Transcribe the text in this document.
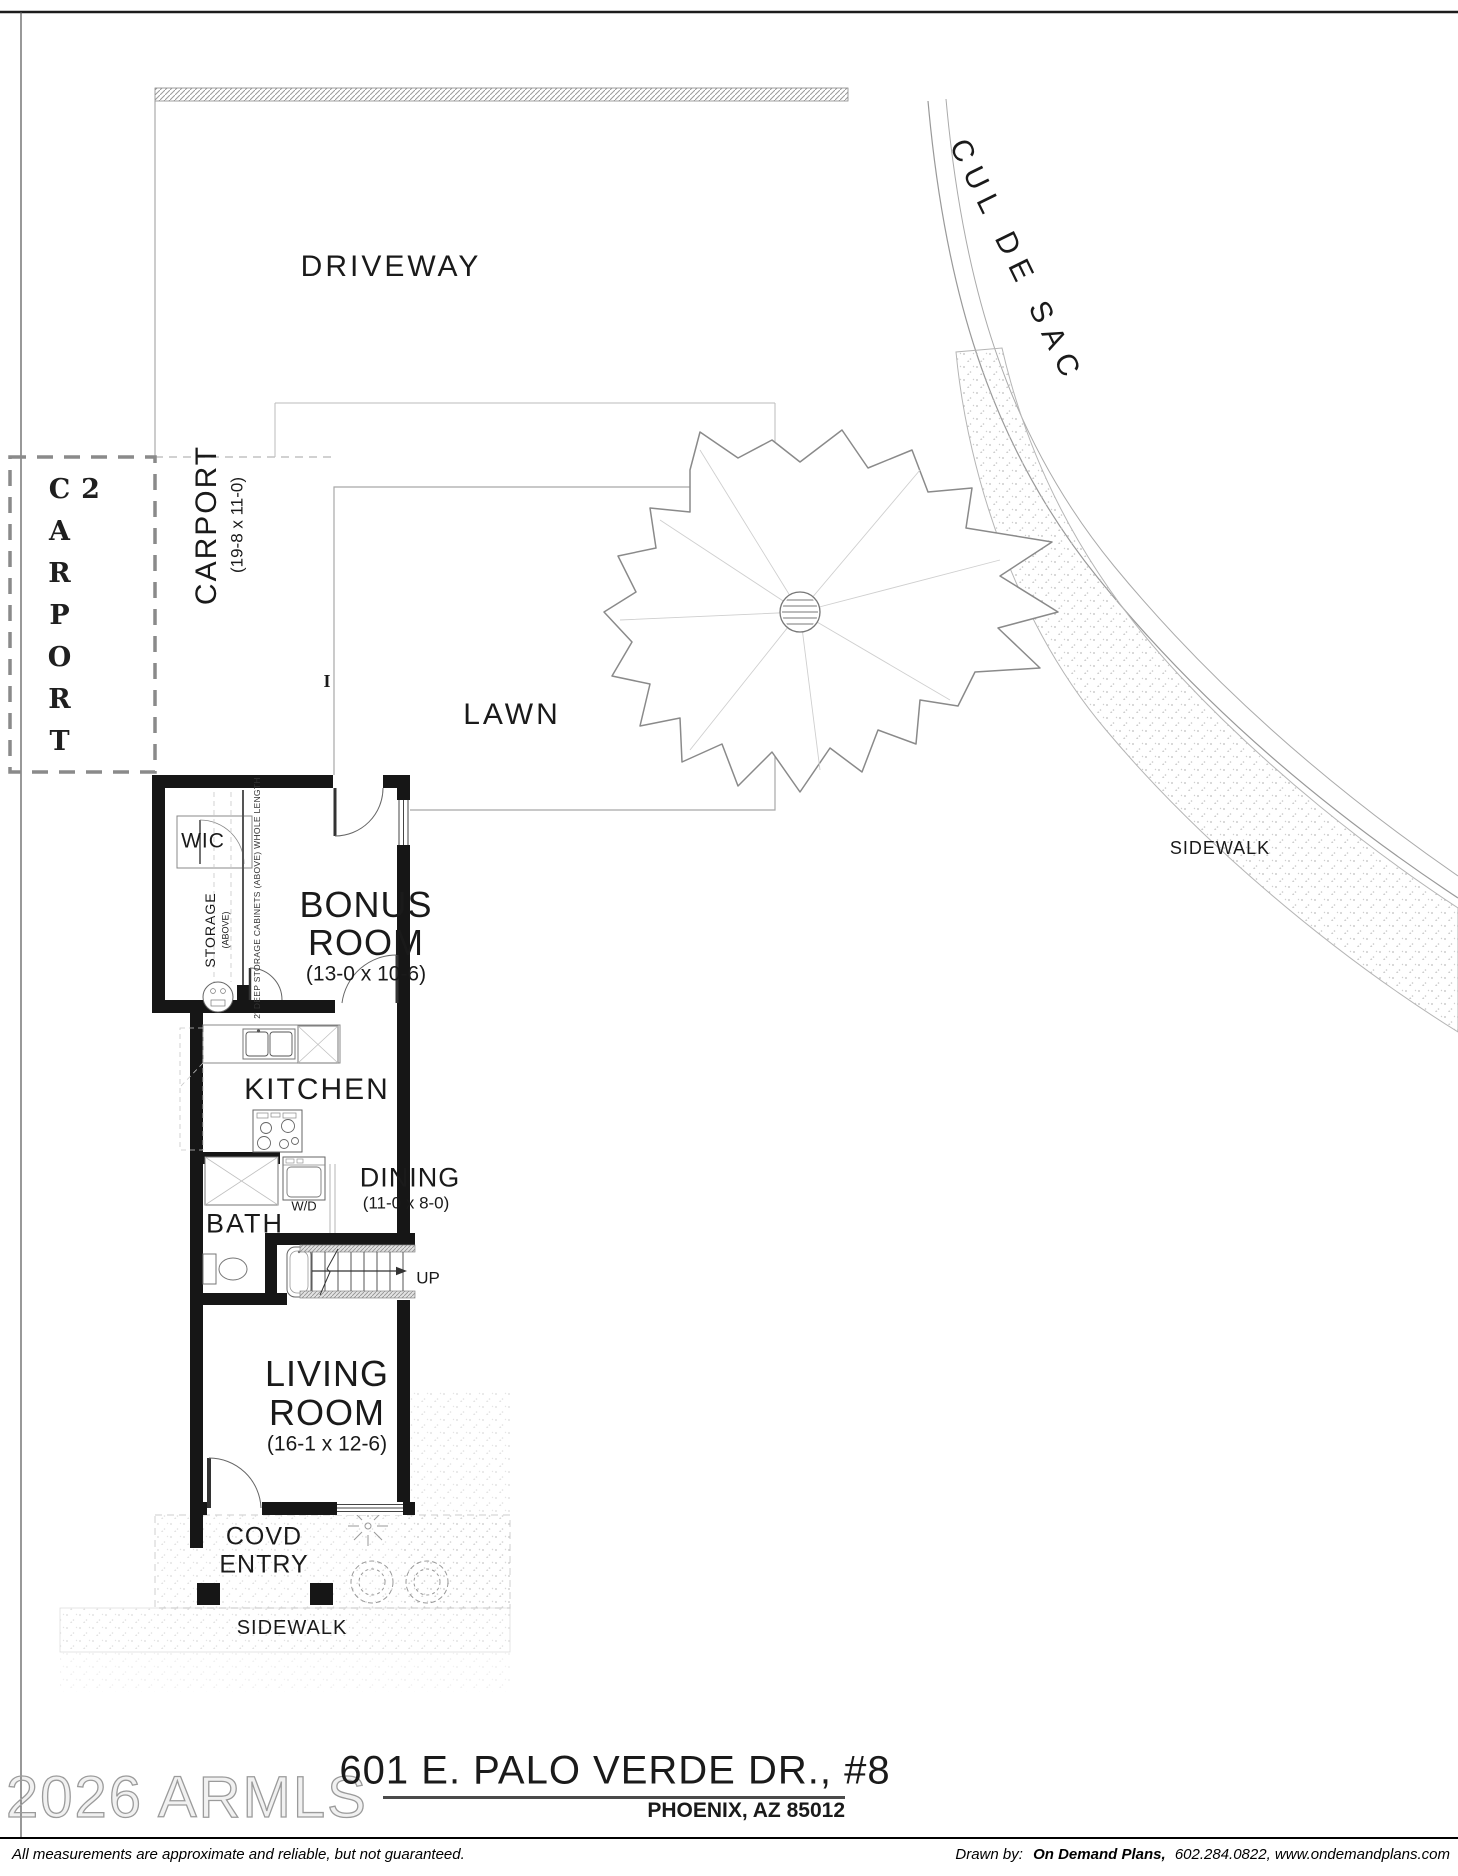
DRIVEWAY	CUL DE SAC
SIDEWALK
LAWN
CARPORT (19-8 x 11-0)
CARPORT 2
I
WIC
STORAGE (ABOVE)	2' DEEP STORAGE CABINETS (ABOVE) WHOLE LENGTH BONUS
ROOM
(13-0 x 10-6)
KITCHEN
DINING
(11-0 x 8-0)
BATH
W/D
UP
LIVING
ROOM
(16-1 x 12-6)
COVD
ENTRY
SIDEWALK
2026 ARMLS
601 E. PALO VERDE DR., #8
PHOENIX, AZ 85012
All measurements are approximate and reliable, but not guaranteed.	Drawn by: On Demand Plans, 602.284.0822, www.ondemandplans.com
